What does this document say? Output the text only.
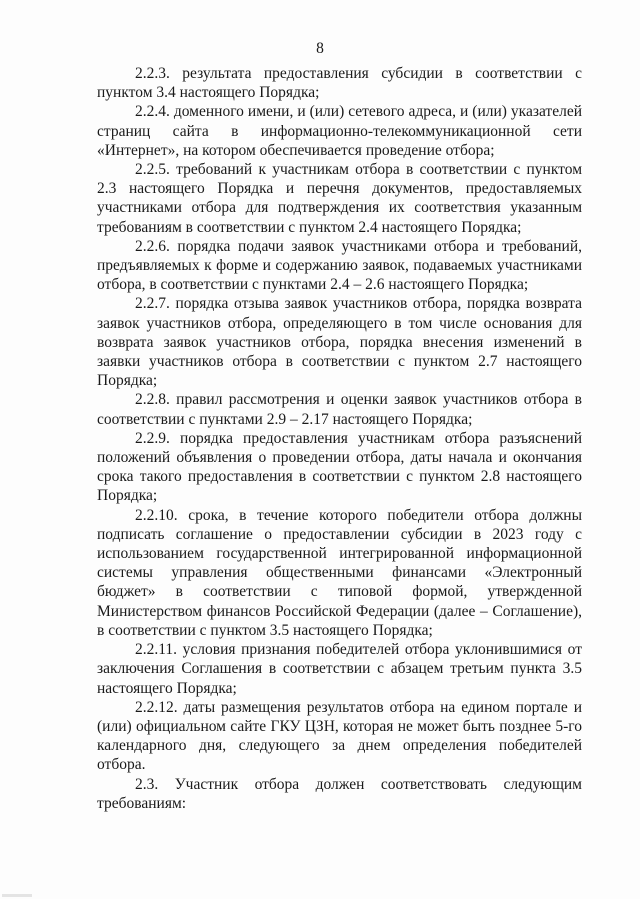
8

2.2.3. результата предоставления субсидии в соответствии с пунктом 3.4 настоящего Порядка;

2.2.4. доменного имени, и (или) сетевого адреса, и (или) указателей страниц сайта в информационно-телекоммуникационной сети «Интернет», на котором обеспечивается проведение отбора;

2.2.5. требований к участникам отбора в соответствии с пунктом 2.3 настоящего Порядка и перечня документов, предоставляемых участниками отбора для подтверждения их соответствия указанным требованиям в соответствии с пунктом 2.4 настоящего Порядка;

2.2.6. порядка подачи заявок участниками отбора и требований, предъявляемых к форме и содержанию заявок, подаваемых участниками отбора, в соответствии с пунктами 2.4 – 2.6 настоящего Порядка;

2.2.7. порядка отзыва заявок участников отбора, порядка возврата заявок участников отбора, определяющего в том числе основания для возврата заявок участников отбора, порядка внесения изменений в заявки участников отбора в соответствии с пунктом 2.7 настоящего Порядка;

2.2.8. правил рассмотрения и оценки заявок участников отбора в соответствии с пунктами 2.9 – 2.17 настоящего Порядка;

2.2.9. порядка предоставления участникам отбора разъяснений положений объявления о проведении отбора, даты начала и окончания срока такого предоставления в соответствии с пунктом 2.8 настоящего Порядка;

2.2.10. срока, в течение которого победители отбора должны подписать соглашение о предоставлении субсидии в 2023 году с использованием государственной интегрированной информационной системы управления общественными финансами «Электронный бюджет» в соответствии с типовой формой, утвержденной Министерством финансов Российской Федерации (далее – Соглашение), в соответствии с пунктом 3.5 настоящего Порядка;

2.2.11. условия признания победителей отбора уклонившимися от заключения Соглашения в соответствии с абзацем третьим пункта 3.5 настоящего Порядка;

2.2.12. даты размещения результатов отбора на едином портале и (или) официальном сайте ГКУ ЦЗН, которая не может быть позднее 5-го календарного дня, следующего за днем определения победителей отбора.

2.3. Участник отбора должен соответствовать следующим требованиям:
